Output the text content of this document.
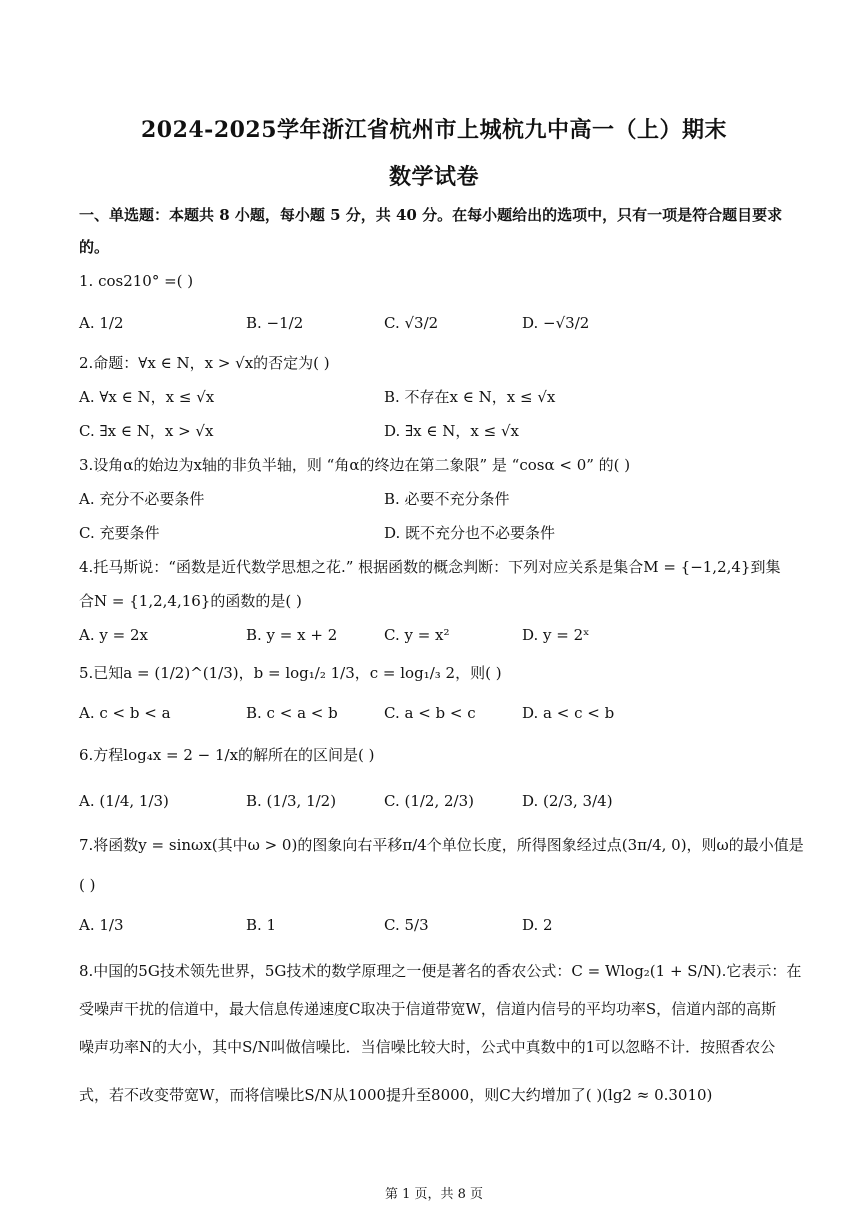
2024-2025学年浙江省杭州市上城杭九中高一（上）期末
数学试卷
一、单选题：本题共 8 小题，每小题 5 分，共 40 分。在每小题给出的选项中，只有一项是符合题目要求
的。
1. cos210° =( )
A. 1/2	B. −1/2	C. √3/2	D. −√3/2
2.命题：∀x ∈ N，x > √x的否定为( )
A. ∀x ∈ N，x ≤ √x	B. 不存在x ∈ N，x ≤ √x
C. ∃x ∈ N，x > √x	D. ∃x ∈ N，x ≤ √x
3.设角α的始边为x轴的非负半轴，则 “角α的终边在第二象限” 是 “cosα < 0” 的( )
A. 充分不必要条件	B. 必要不充分条件
C. 充要条件	D. 既不充分也不必要条件
4.托马斯说：“函数是近代数学思想之花.” 根据函数的概念判断：下列对应关系是集合M = {−1,2,4}到集
合N = {1,2,4,16}的函数的是( )
A. y = 2x	B. y = x + 2	C. y = x²	D. y = 2ˣ
5.已知a = (1/2)^(1/3)，b = log₁/₂ 1/3，c = log₁/₃ 2，则( )
A. c < b < a	B. c < a < b	C. a < b < c	D. a < c < b
6.方程log₄x = 2 − 1/x的解所在的区间是( )
A. (1/4, 1/3)	B. (1/3, 1/2)	C. (1/2, 2/3)	D. (2/3, 3/4)
7.将函数y = sinωx(其中ω > 0)的图象向右平移π/4个单位长度，所得图象经过点(3π/4, 0)，则ω的最小值是
( )
A. 1/3	B. 1	C. 5/3	D. 2
8.中国的5G技术领先世界，5G技术的数学原理之一便是著名的香农公式：C = Wlog₂(1 + S/N).它表示：在
受噪声干扰的信道中，最大信息传递速度C取决于信道带宽W，信道内信号的平均功率S，信道内部的高斯
噪声功率N的大小，其中S/N叫做信噪比．当信噪比较大时，公式中真数中的1可以忽略不计．按照香农公
式，若不改变带宽W，而将信噪比S/N从1000提升至8000，则C大约增加了( )(lg2 ≈ 0.3010)
第 1 页，共 8 页
